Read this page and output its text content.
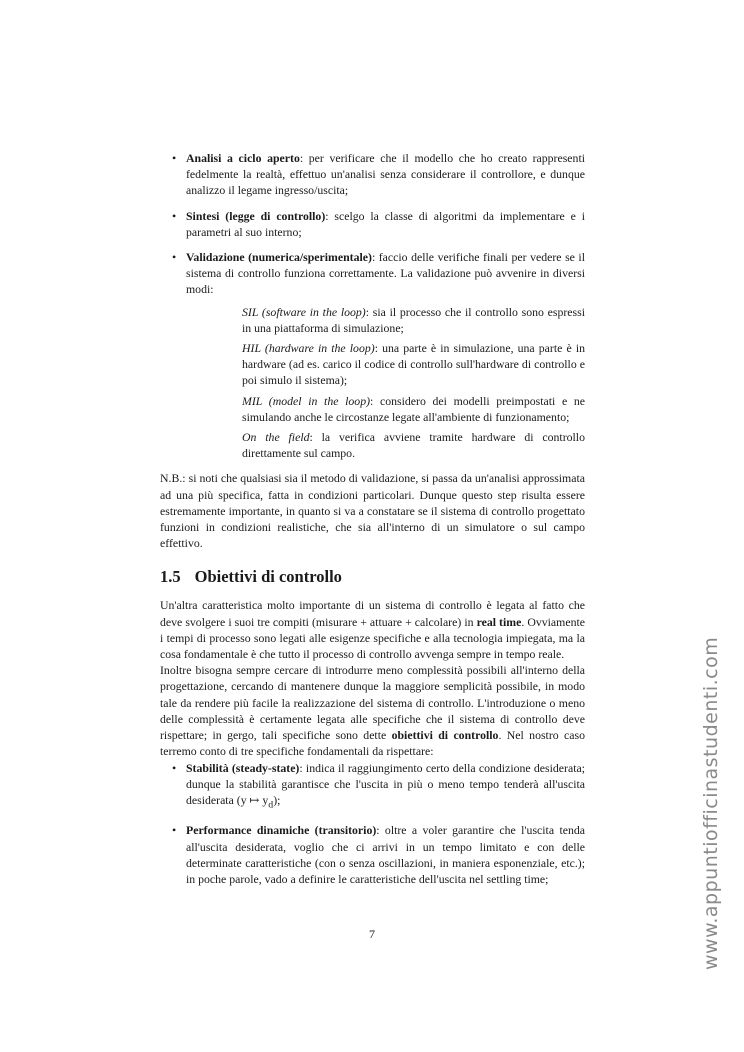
• Analisi a ciclo aperto: per verificare che il modello che ho creato rappresenti fedelmente la realtà, effettuo un'analisi senza considerare il controllore, e dunque analizzo il legame ingresso/uscita;

• Sintesi (legge di controllo): scelgo la classe di algoritmi da implementare e i parametri al suo interno;

• Validazione (numerica/sperimentale): faccio delle verifiche finali per vedere se il sistema di controllo funziona correttamente. La validazione può avvenire in diversi modi:

SIL (software in the loop): sia il processo che il controllo sono espressi in una piattaforma di simulazione;

HIL (hardware in the loop): una parte è in simulazione, una parte è in hardware (ad es. carico il codice di controllo sull'hardware di controllo e poi simulo il sistema);

MIL (model in the loop): considero dei modelli preimpostati e ne simulando anche le circostanze legate all'ambiente di funzionamento;

On the field: la verifica avviene tramite hardware di controllo direttamente sul campo.

N.B.: si noti che qualsiasi sia il metodo di validazione, si passa da un'analisi approssimata ad una più specifica, fatta in condizioni particolari. Dunque questo step risulta essere estremamente importante, in quanto si va a constatare se il sistema di controllo progettato funzioni in condizioni realistiche, che sia all'interno di un simulatore o sul campo effettivo.

1.5 Obiettivi di controllo

Un'altra caratteristica molto importante di un sistema di controllo è legata al fatto che deve svolgere i suoi tre compiti (misurare + attuare + calcolare) in real time. Ovviamente i tempi di processo sono legati alle esigenze specifiche e alla tecnologia impiegata, ma la cosa fondamentale è che tutto il processo di controllo avvenga sempre in tempo reale.

Inoltre bisogna sempre cercare di introdurre meno complessità possibili all'interno della progettazione, cercando di mantenere dunque la maggiore semplicità possibile, in modo tale da rendere più facile la realizzazione del sistema di controllo. L'introduzione o meno delle complessità è certamente legata alle specifiche che il sistema di controllo deve rispettare; in gergo, tali specifiche sono dette obiettivi di controllo. Nel nostro caso terremo conto di tre specifiche fondamentali da rispettare:

• Stabilità (steady-state): indica il raggiungimento certo della condizione desiderata; dunque la stabilità garantisce che l'uscita in più o meno tempo tenderà all'uscita desiderata (y ↦ $y_d$);

• Performance dinamiche (transitorio): oltre a voler garantire che l'uscita tenda all'uscita desiderata, voglio che ci arrivi in un tempo limitato e con delle determinate caratteristiche (con o senza oscillazioni, in maniera esponenziale, etc.); in poche parole, vado a definire le caratteristiche dell'uscita nel settling time;

7	www.appuntiofficinastudenti.com
